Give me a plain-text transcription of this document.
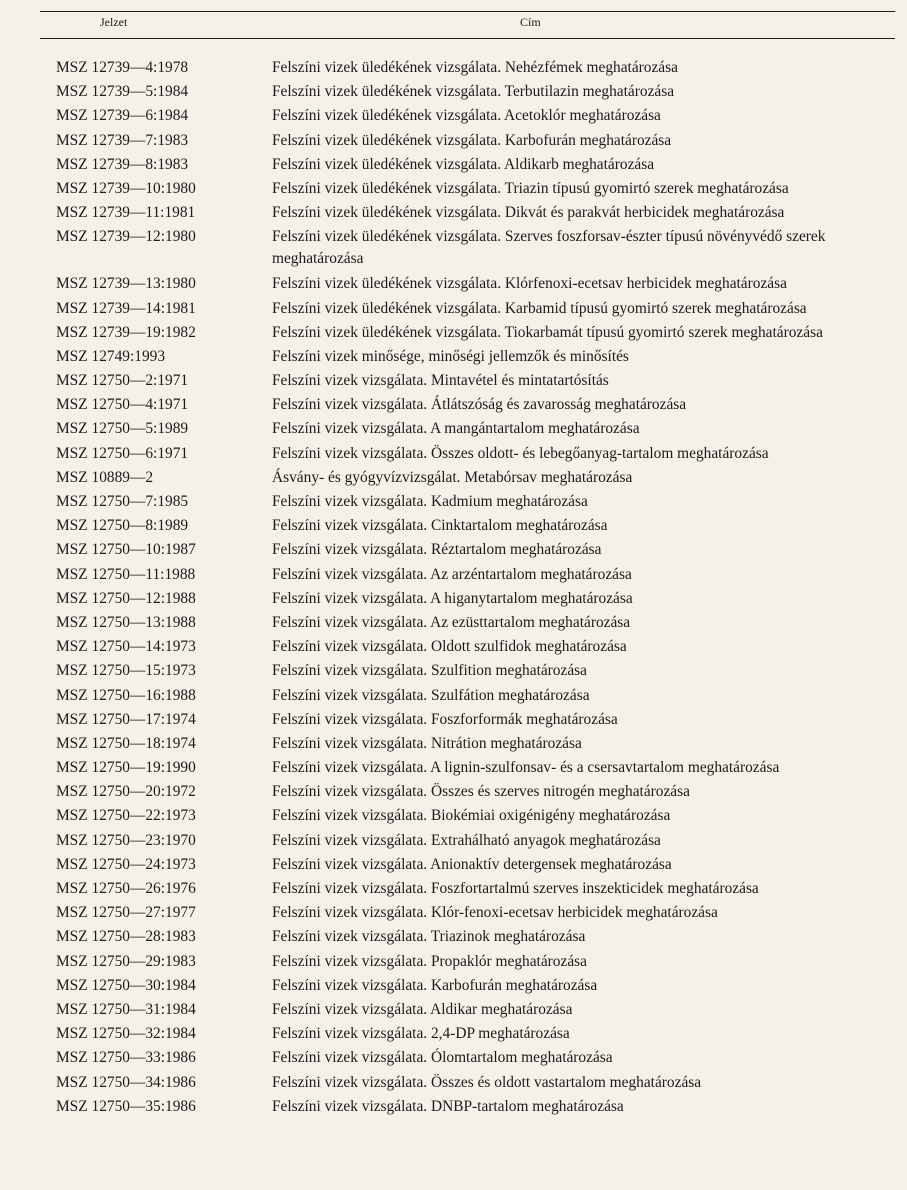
Jelzet	Cím
MSZ 12739—4:1978	Felszíni vizek üledékének vizsgálata. Nehézfémek meghatározása
MSZ 12739—5:1984	Felszíni vizek üledékének vizsgálata. Terbutilazin meghatározása
MSZ 12739—6:1984	Felszíni vizek üledékének vizsgálata. Acetoklór meghatározása
MSZ 12739—7:1983	Felszíni vizek üledékének vizsgálata. Karbofurán meghatározása
MSZ 12739—8:1983	Felszíni vizek üledékének vizsgálata. Aldikarb meghatározása
MSZ 12739—10:1980	Felszíni vizek üledékének vizsgálata. Triazin típusú gyomirtó szerek meghatározása
MSZ 12739—11:1981	Felszíni vizek üledékének vizsgálata. Dikvát és parakvát herbicidek meghatározása
MSZ 12739—12:1980	Felszíni vizek üledékének vizsgálata. Szerves foszforsav-észter típusú növényvédő szerek meghatározása
MSZ 12739—13:1980	Felszíni vizek üledékének vizsgálata. Klórfenoxi-ecetsav herbicidek meghatározása
MSZ 12739—14:1981	Felszíni vizek üledékének vizsgálata. Karbamid típusú gyomirtó szerek meghatározása
MSZ 12739—19:1982	Felszíni vizek üledékének vizsgálata. Tiokarbamát típusú gyomirtó szerek meghatározása
MSZ 12749:1993	Felszíni vizek minősége, minőségi jellemzők és minősítés
MSZ 12750—2:1971	Felszíni vizek vizsgálata. Mintavétel és mintatartósítás
MSZ 12750—4:1971	Felszíni vizek vizsgálata. Átlátszóság és zavarosság meghatározása
MSZ 12750—5:1989	Felszíni vizek vizsgálata. A mangántartalom meghatározása
MSZ 12750—6:1971	Felszíni vizek vizsgálata. Összes oldott- és lebegőanyag-tartalom meghatározása
MSZ 10889—2	Ásvány- és gyógyvízvizsgálat. Metabórsav meghatározása
MSZ 12750—7:1985	Felszíni vizek vizsgálata. Kadmium meghatározása
MSZ 12750—8:1989	Felszíni vizek vizsgálata. Cinktartalom meghatározása
MSZ 12750—10:1987	Felszíni vizek vizsgálata. Réztartalom meghatározása
MSZ 12750—11:1988	Felszíni vizek vizsgálata. Az arzéntartalom meghatározása
MSZ 12750—12:1988	Felszíni vizek vizsgálata. A higanytartalom meghatározása
MSZ 12750—13:1988	Felszíni vizek vizsgálata. Az ezüsttartalom meghatározása
MSZ 12750—14:1973	Felszíni vizek vizsgálata. Oldott szulfidok meghatározása
MSZ 12750—15:1973	Felszíni vizek vizsgálata. Szulfition meghatározása
MSZ 12750—16:1988	Felszíni vizek vizsgálata. Szulfátion meghatározása
MSZ 12750—17:1974	Felszíni vizek vizsgálata. Foszforformák meghatározása
MSZ 12750—18:1974	Felszíni vizek vizsgálata. Nitrátion meghatározása
MSZ 12750—19:1990	Felszíni vizek vizsgálata. A lignin-szulfonsav- és a csersavtartalom meghatározása
MSZ 12750—20:1972	Felszíni vizek vizsgálata. Összes és szerves nitrogén meghatározása
MSZ 12750—22:1973	Felszíni vizek vizsgálata. Biokémiai oxigénigény meghatározása
MSZ 12750—23:1970	Felszíni vizek vizsgálata. Extrahálható anyagok meghatározása
MSZ 12750—24:1973	Felszíni vizek vizsgálata. Anionaktív detergensek meghatározása
MSZ 12750—26:1976	Felszíni vizek vizsgálata. Foszfortartalmú szerves inszekticidek meghatározása
MSZ 12750—27:1977	Felszíni vizek vizsgálata. Klór-fenoxi-ecetsav herbicidek meghatározása
MSZ 12750—28:1983	Felszíni vizek vizsgálata. Triazinok meghatározása
MSZ 12750—29:1983	Felszíni vizek vizsgálata. Propaklór meghatározása
MSZ 12750—30:1984	Felszíni vizek vizsgálata. Karbofurán meghatározása
MSZ 12750—31:1984	Felszíni vizek vizsgálata. Aldikar meghatározása
MSZ 12750—32:1984	Felszíni vizek vizsgálata. 2,4-DP meghatározása
MSZ 12750—33:1986	Felszíni vizek vizsgálata. Ólomtartalom meghatározása
MSZ 12750—34:1986	Felszíni vizek vizsgálata. Összes és oldott vastartalom meghatározása
MSZ 12750—35:1986	Felszíni vizek vizsgálata. DNBP-tartalom meghatározása
